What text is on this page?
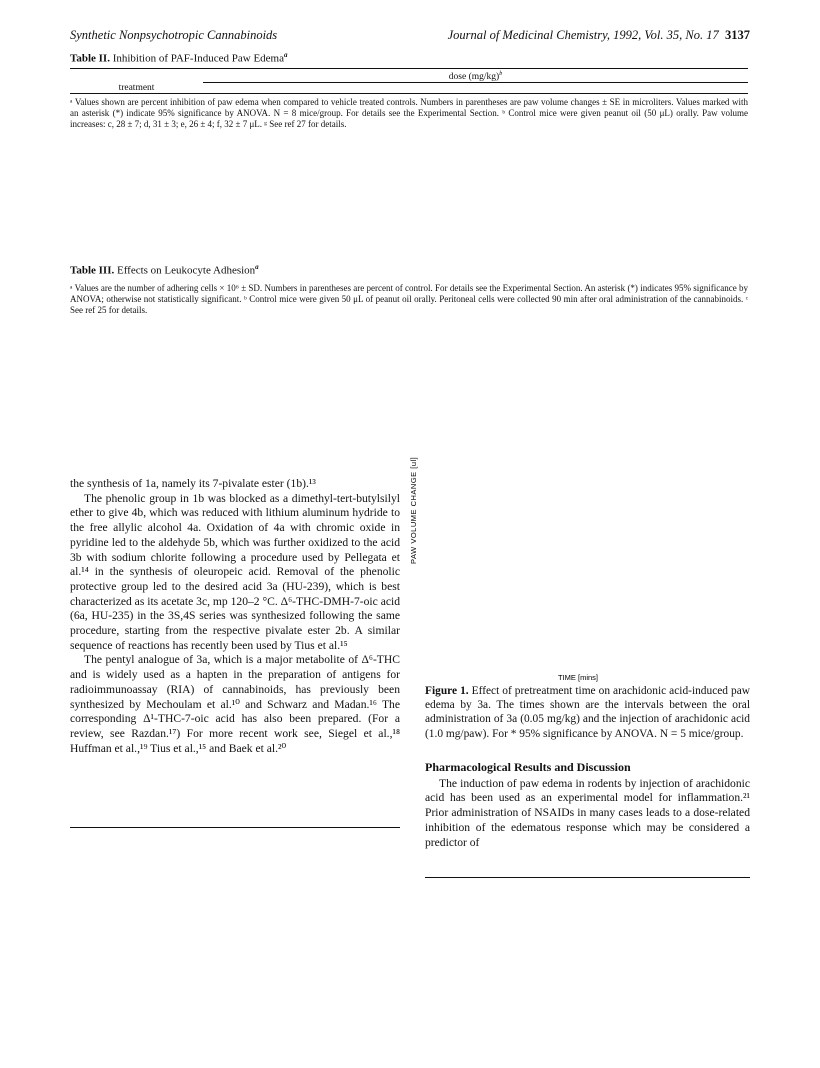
Synthetic Nonpsychotropic Cannabinoids	Journal of Medicinal Chemistry, 1992, Vol. 35, No. 17 3137
Table II. Inhibition of PAF-Induced Paw Edema$^a$
	dose $(mg/kg)^b$
treatment
ᵃ Values shown are percent inhibition of paw edema when compared to vehicle treated controls. Numbers in parentheses are paw volume changes ± SE in microliters. Values marked with an asterisk (*) indicate 95% significance by ANOVA. N = 8 mice/group. For details see the Experimental Section. ᵇ Control mice were given peanut oil (50 μL) orally. Paw volume increases: c, 28 ± 7; d, 31 ± 3; e, 26 ± 4; f, 32 ± 7 μL. ᵍ See ref 27 for details.
Table III. Effects on Leukocyte Adhesion$^a$
ᵃ Values are the number of adhering cells × 10⁶ ± SD. Numbers in parentheses are percent of control. For details see the Experimental Section. An asterisk (*) indicates 95% significance by ANOVA; otherwise not statistically significant. ᵇ Control mice were given 50 μL of peanut oil orally. Peritoneal cells were collected 90 min after oral administration of the cannabinoids. ᶜ See ref 25 for details.

the synthesis of 1a, namely its 7-pivalate ester (1b).¹³

The phenolic group in 1b was blocked as a dimethyl-tert-butylsilyl ether to give 4b, which was reduced with lithium aluminum hydride to the free allylic alcohol 4a. Oxidation of 4a with chromic oxide in pyridine led to the aldehyde 5b, which was further oxidized to the acid 3b with sodium chlorite following a procedure used by Pellegata et al.¹⁴ in the synthesis of oleuropeic acid. Removal of the phenolic protective group led to the desired acid 3a (HU-239), which is best characterized as its acetate 3c, mp 120–2 °C. Δ⁶-THC-DMH-7-oic acid (6a, HU-235) in the 3S,4S series was synthesized following the same procedure, starting from the respective pivalate ester 2b. A similar sequence of reactions has recently been used by Tius et al.¹⁵

The pentyl analogue of 3a, which is a major metabolite of Δ⁶-THC and is widely used as a hapten in the preparation of antigens for radioimmunoassay (RIA) of cannabinoids, has previously been synthesized by Mechoulam et al.¹⁰ and Schwarz and Madan.¹⁶ The corresponding Δ¹-THC-7-oic acid has also been prepared. (For a review, see Razdan.¹⁷) For more recent work see, Siegel et al.,¹⁸ Huffman et al.,¹⁹ Tius et al.,¹⁵ and Baek et al.²⁰

PAW VOLUME CHANGE [ul]
TIME [mins]
Figure 1. Effect of pretreatment time on arachidonic acid-induced paw edema by 3a. The times shown are the intervals between the oral administration of 3a (0.05 mg/kg) and the injection of arachidonic acid (1.0 mg/paw). For * 95% significance by ANOVA. N = 5 mice/group.
Pharmacological Results and Discussion

The induction of paw edema in rodents by injection of arachidonic acid has been used as an experimental model for inflammation.²¹ Prior administration of NSAIDs in many cases leads to a dose-related inhibition of the edematous response which may be considered a predictor of
